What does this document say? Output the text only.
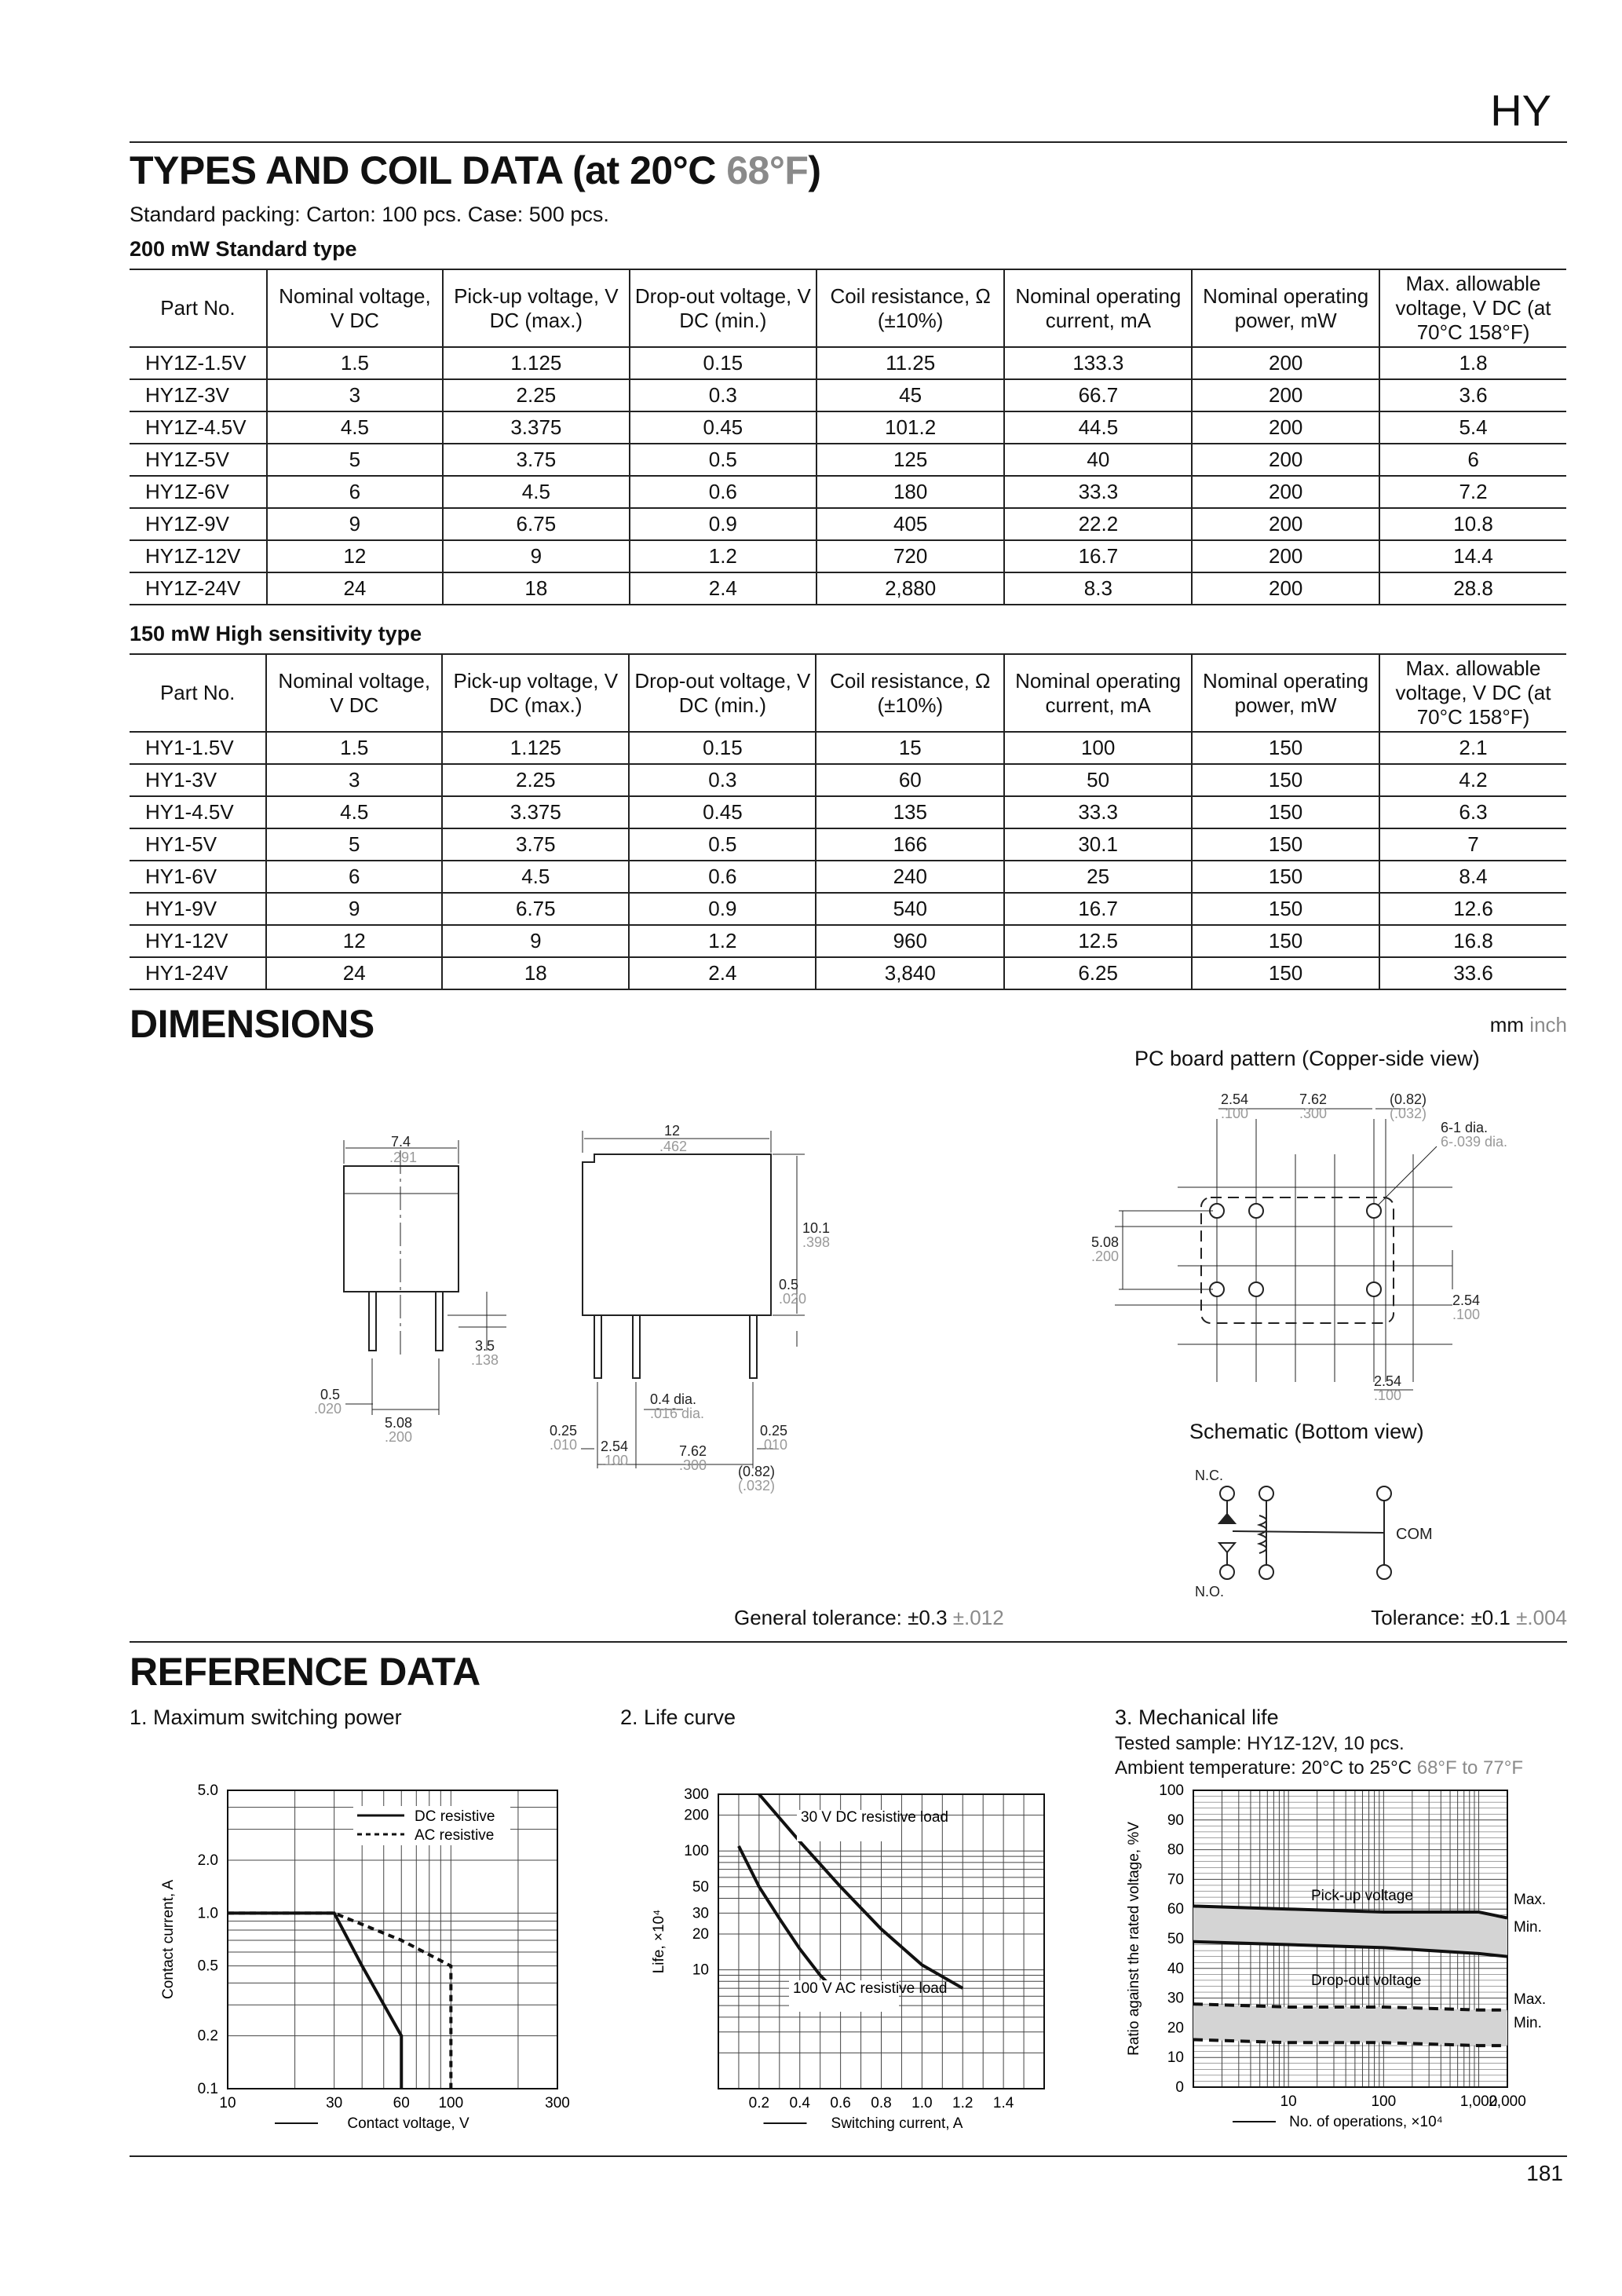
HY
TYPES AND COIL DATA (at 20°C 68°F)
Standard packing: Carton: 100 pcs. Case: 500 pcs.
200 mW Standard type
Part No.	Nominal voltage, V DC	Pick-up voltage, V DC (max.)	Drop-out voltage, V DC (min.)	Coil resistance, Ω (±10%)	Nominal operating current, mA	Nominal operating power, mW	Max. allowable voltage, V DC (at 70°C 158°F)
HY1Z-1.5V	1.5	1.125	0.15	11.25	133.3	200	1.8
HY1Z-3V	3	2.25	0.3	45	66.7	200	3.6
HY1Z-4.5V	4.5	3.375	0.45	101.2	44.5	200	5.4
HY1Z-5V	5	3.75	0.5	125	40	200	6
HY1Z-6V	6	4.5	0.6	180	33.3	200	7.2
HY1Z-9V	9	6.75	0.9	405	22.2	200	10.8
HY1Z-12V	12	9	1.2	720	16.7	200	14.4
HY1Z-24V	24	18	2.4	2,880	8.3	200	28.8
150 mW High sensitivity type
Part No.	Nominal voltage, V DC	Pick-up voltage, V DC (max.)	Drop-out voltage, V DC (min.)	Coil resistance, Ω (±10%)	Nominal operating current, mA	Nominal operating power, mW	Max. allowable voltage, V DC (at 70°C 158°F)
HY1-1.5V	1.5	1.125	0.15	15	100	150	2.1
HY1-3V	3	2.25	0.3	60	50	150	4.2
HY1-4.5V	4.5	3.375	0.45	135	33.3	150	6.3
HY1-5V	5	3.75	0.5	166	30.1	150	7
HY1-6V	6	4.5	0.6	240	25	150	8.4
HY1-9V	9	6.75	0.9	540	16.7	150	12.6
HY1-12V	12	9	1.2	960	12.5	150	16.8
HY1-24V	24	18	2.4	3,840	6.25	150	33.6
DIMENSIONS	mm inch
PC board pattern (Copper-side view)
Schematic (Bottom view)
7.4
.291
3.5
.138
0.5
.020
5.08
.200
12
.462
10.1
.398
0.5
.020
0.4 dia.
.016 dia.
0.25
.010 2.54
.100
7.62
.300
0.25
.010
(0.82)
(.032)
2.54
.100
7.62
.300
(0.82)
(.032)
6-1 dia.
6-.039 dia.
5.08
.200
2.54
.100
2.54
.100
N.C.
N.O.
COM
General tolerance: ±0.3 ±.012	Tolerance: ±0.1 ±.004
REFERENCE DATA
1. Maximum switching power	2. Life curve	3. Mechanical life
Tested sample: HY1Z-12V, 10 pcs.
Ambient temperature: 20°C to 25°C 68°F to 77°F
10	30	60 100	300
0.1
0.2
0.5
1.0
2.0
5.0
Contact voltage, V
Contact current, A
DC resistive
AC resistive
0.2 0.4 0.6 0.8 1.0 1.2 1.4
10
20
30
50
100
200
300
Switching current, A
Life, ×10⁴
30 V DC resistive load
100 V AC resistive load
10	100	1,000
2,000
0
10
20
30
40
50
60
70
80
90
100
No. of operations, ×10⁴
Ratio against the rated voltage, %V	Pick-up voltage
Drop-out voltage
Max.
Min.
Max.
Min.
181
